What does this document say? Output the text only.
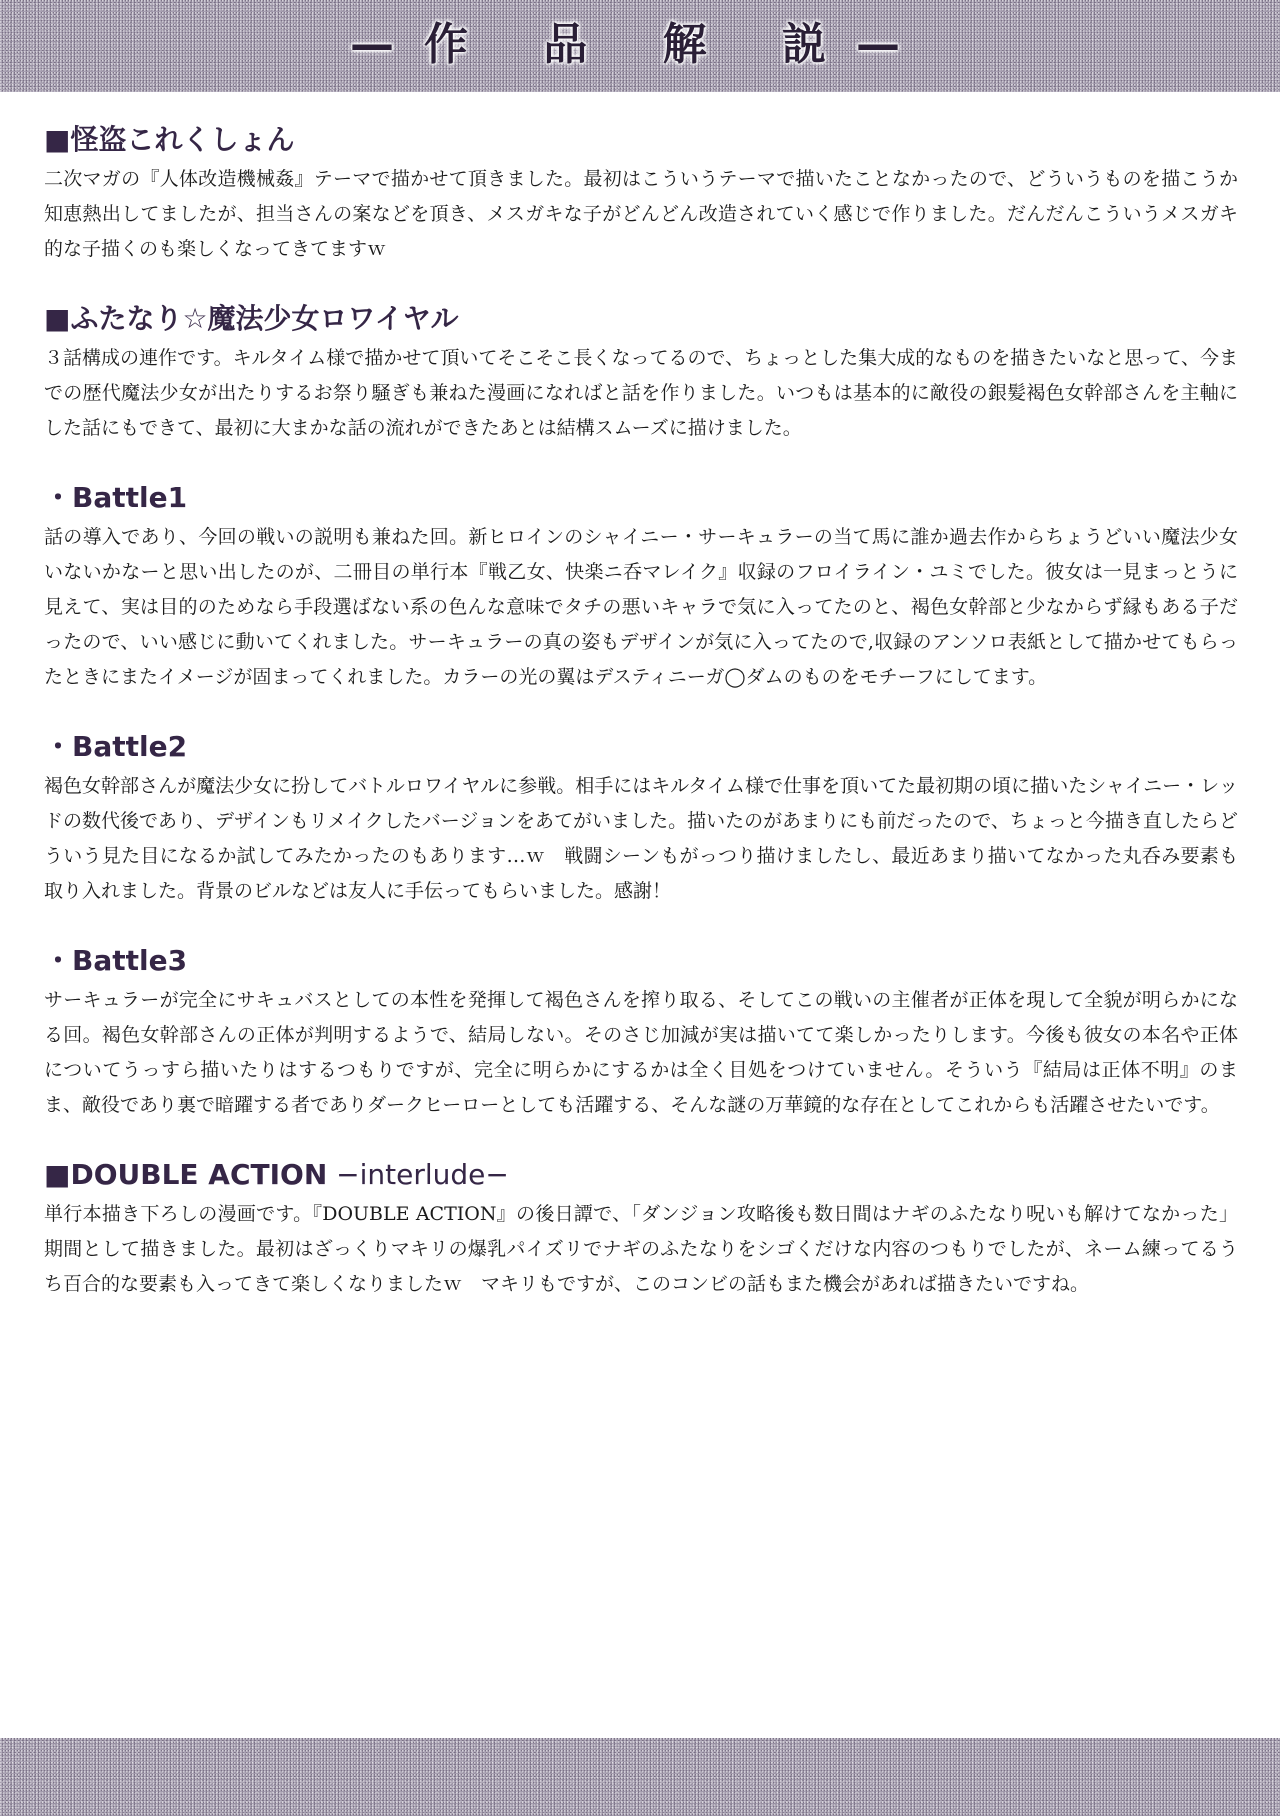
—作 品 解 説—
■怪盗これくしょん

二次マガの『人体改造機械姦』テーマで描かせて頂きました。最初はこういうテーマで描いたことなかったので、どういうものを描こうか知恵熱出してましたが、担当さんの案などを頂き、メスガキな子がどんどん改造されていく感じで作りました。だんだんこういうメスガキ的な子描くのも楽しくなってきてますｗ

■ふたなり☆魔法少女ロワイヤル

３話構成の連作です。キルタイム様で描かせて頂いてそこそこ長くなってるので、ちょっとした集大成的なものを描きたいなと思って、今までの歴代魔法少女が出たりするお祭り騒ぎも兼ねた漫画になればと話を作りました。いつもは基本的に敵役の銀髪褐色女幹部さんを主軸にした話にもできて、最初に大まかな話の流れができたあとは結構スムーズに描けました。

・Battle1

話の導入であり、今回の戦いの説明も兼ねた回。新ヒロインのシャイニー・サーキュラーの当て馬に誰か過去作からちょうどいい魔法少女いないかなーと思い出したのが、二冊目の単行本『戦乙女、快楽ニ呑マレイク』収録のフロイライン・ユミでした。彼女は一見まっとうに見えて、実は目的のためなら手段選ばない系の色んな意味でタチの悪いキャラで気に入ってたのと、褐色女幹部と少なからず縁もある子だったので、いい感じに動いてくれました。サーキュラーの真の姿もデザインが気に入ってたので,収録のアンソロ表紙として描かせてもらったときにまたイメージが固まってくれました。カラーの光の翼はデスティニーガ◯ダムのものをモチーフにしてます。

・Battle2

褐色女幹部さんが魔法少女に扮してバトルロワイヤルに参戦。相手にはキルタイム様で仕事を頂いてた最初期の頃に描いたシャイニー・レッドの数代後であり、デザインもリメイクしたバージョンをあてがいました。描いたのがあまりにも前だったので、ちょっと今描き直したらどういう見た目になるか試してみたかったのもあります…ｗ　戦闘シーンもがっつり描けましたし、最近あまり描いてなかった丸呑み要素も取り入れました。背景のビルなどは友人に手伝ってもらいました。感謝！

・Battle3

サーキュラーが完全にサキュバスとしての本性を発揮して褐色さんを搾り取る、そしてこの戦いの主催者が正体を現して全貌が明らかになる回。褐色女幹部さんの正体が判明するようで、結局しない。そのさじ加減が実は描いてて楽しかったりします。今後も彼女の本名や正体についてうっすら描いたりはするつもりですが、完全に明らかにするかは全く目処をつけていません。そういう『結局は正体不明』のまま、敵役であり裏で暗躍する者でありダークヒーローとしても活躍する、そんな謎の万華鏡的な存在としてこれからも活躍させたいです。

■DOUBLE ACTION −interlude−

単行本描き下ろしの漫画です。『DOUBLE ACTION』の後日譚で、「ダンジョン攻略後も数日間はナギのふたなり呪いも解けてなかった」期間として描きました。最初はざっくりマキリの爆乳パイズリでナギのふたなりをシゴくだけな内容のつもりでしたが、ネーム練ってるうち百合的な要素も入ってきて楽しくなりましたｗ　マキリもですが、このコンビの話もまた機会があれば描きたいですね。
